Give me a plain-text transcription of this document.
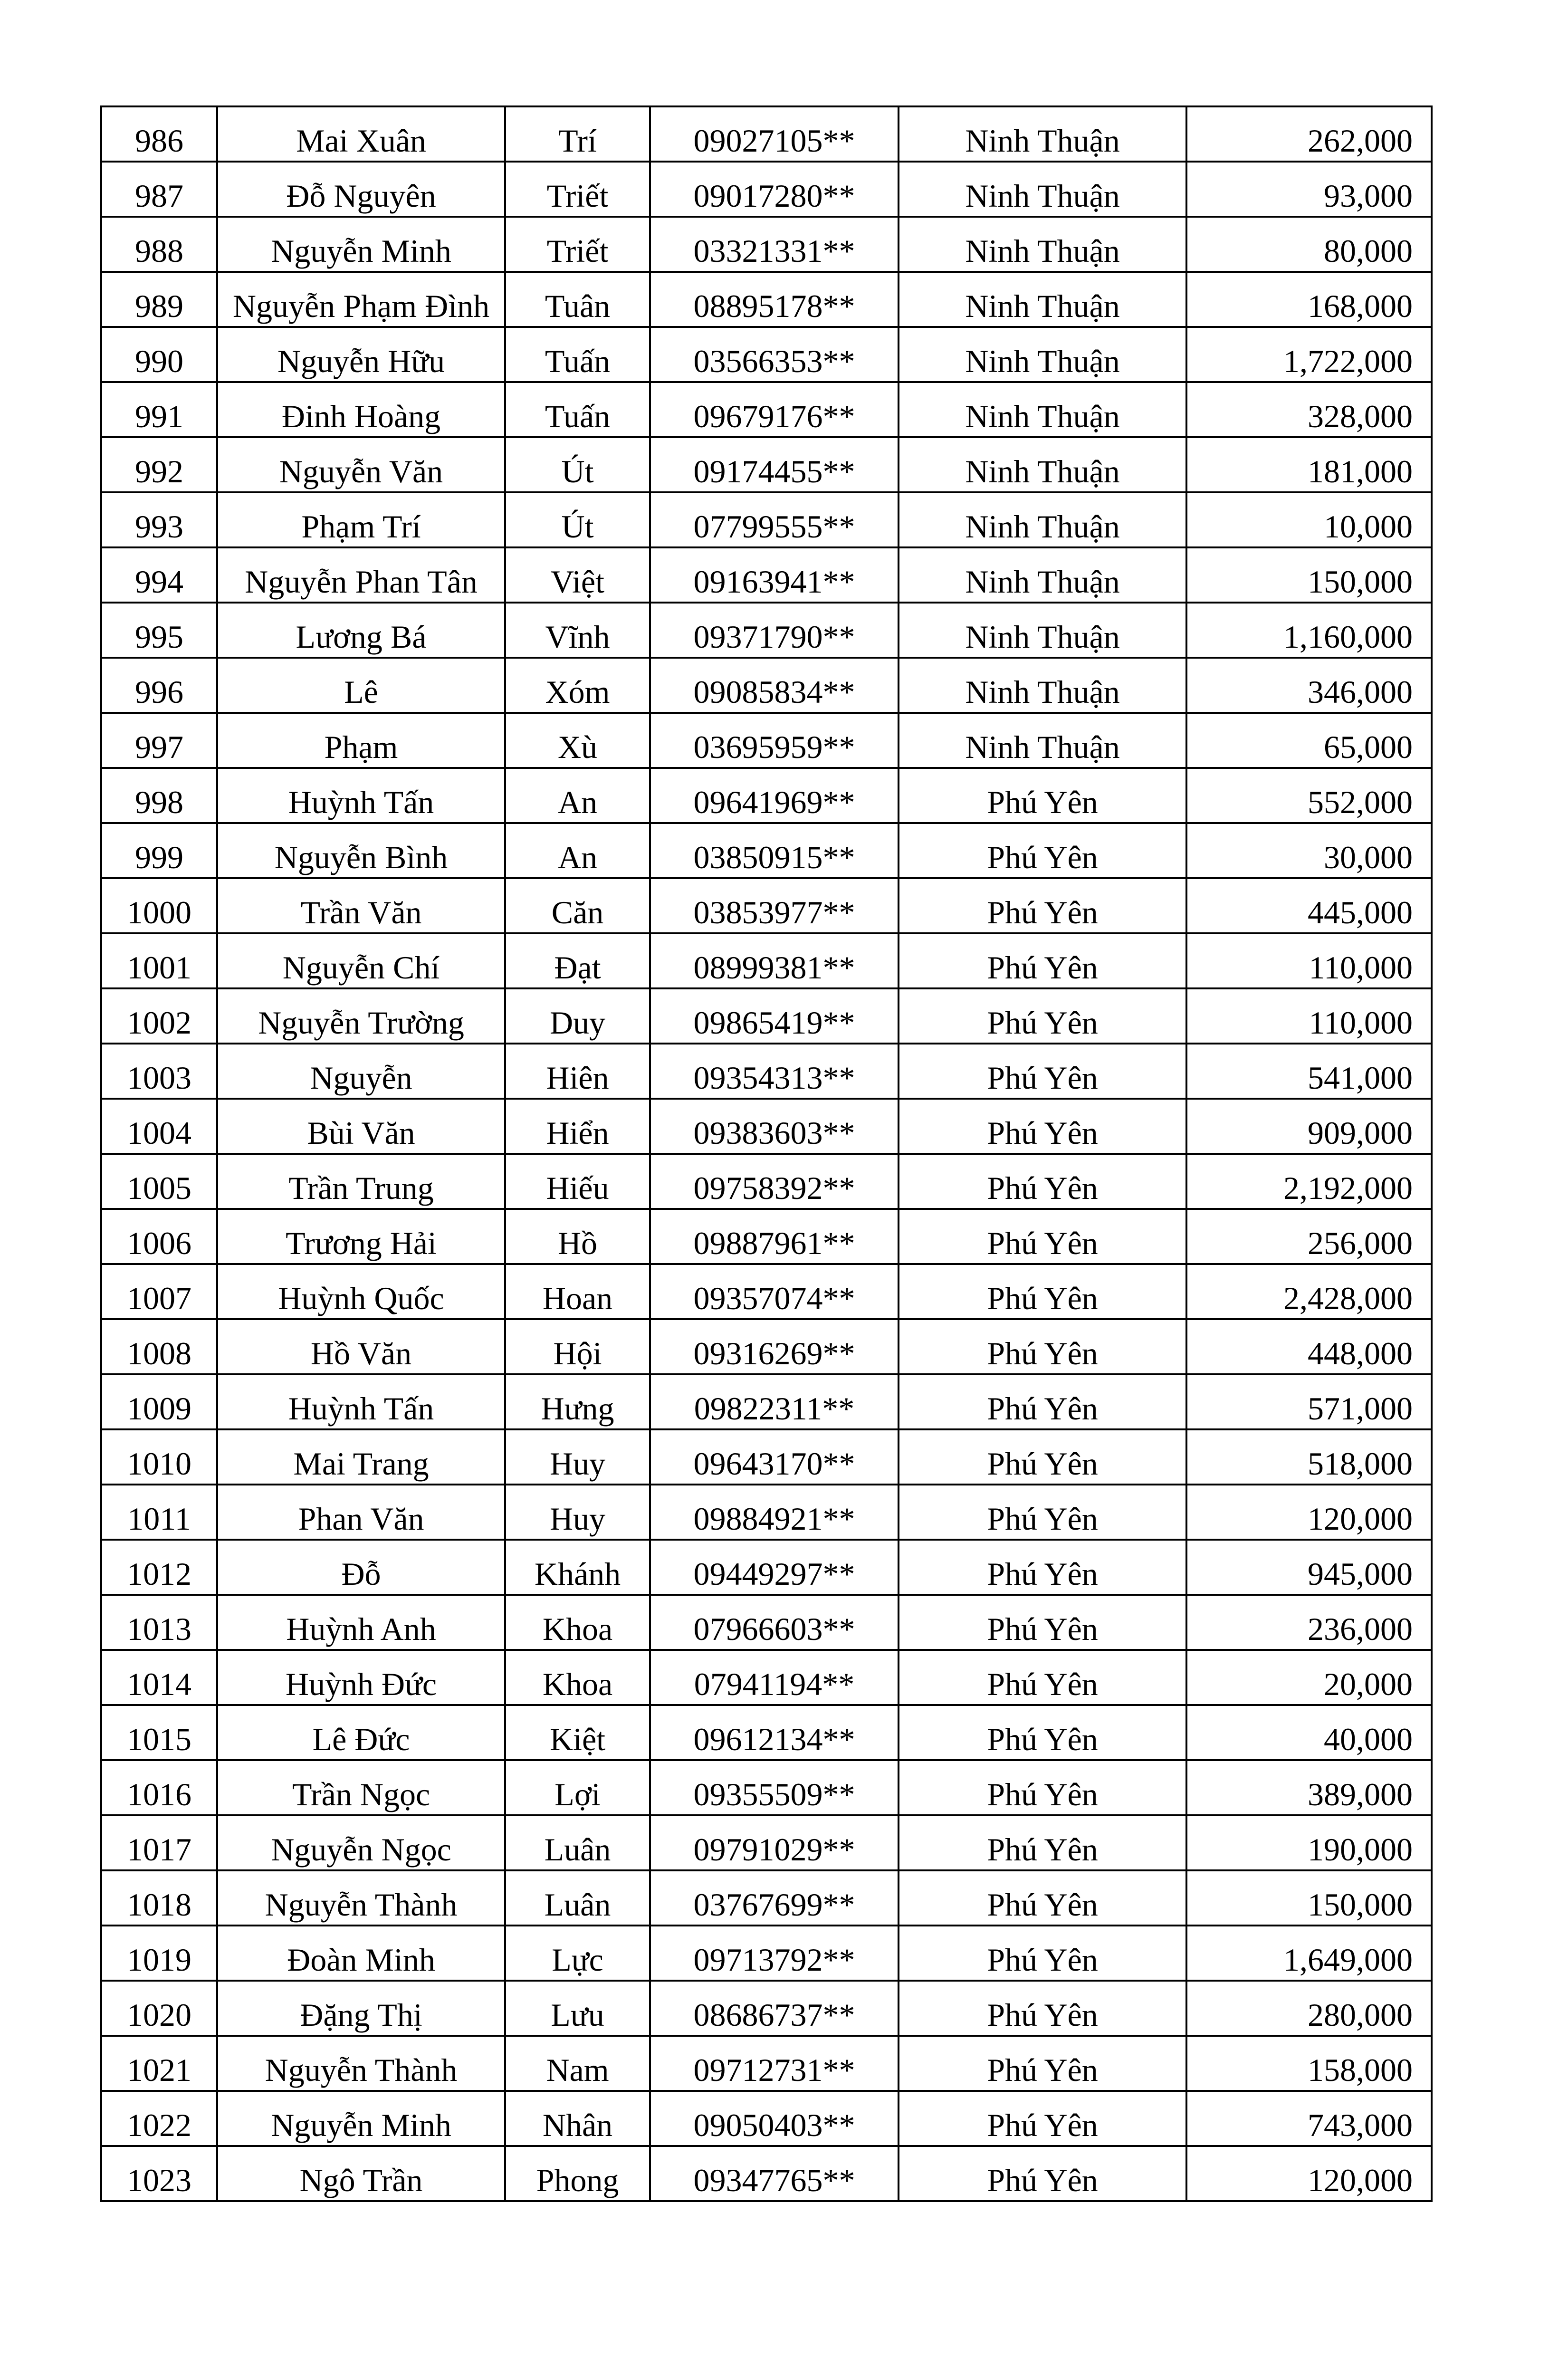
986	Mai Xuân	Trí	09027105**	Ninh Thuận	262,000
987	Đỗ Nguyên	Triết	09017280**	Ninh Thuận	93,000
988	Nguyễn Minh	Triết	03321331**	Ninh Thuận	80,000
989	Nguyễn Phạm Đình	Tuân	08895178**	Ninh Thuận	168,000
990	Nguyễn Hữu	Tuấn	03566353**	Ninh Thuận	1,722,000
991	Đinh Hoàng	Tuấn	09679176**	Ninh Thuận	328,000
992	Nguyễn Văn	Út	09174455**	Ninh Thuận	181,000
993	Phạm Trí	Út	07799555**	Ninh Thuận	10,000
994	Nguyễn Phan Tân	Việt	09163941**	Ninh Thuận	150,000
995	Lương Bá	Vĩnh	09371790**	Ninh Thuận	1,160,000
996	Lê	Xóm	09085834**	Ninh Thuận	346,000
997	Phạm	Xù	03695959**	Ninh Thuận	65,000
998	Huỳnh Tấn	An	09641969**	Phú Yên	552,000
999	Nguyễn Bình	An	03850915**	Phú Yên	30,000
1000	Trần Văn	Căn	03853977**	Phú Yên	445,000
1001	Nguyễn Chí	Đạt	08999381**	Phú Yên	110,000
1002	Nguyễn Trường	Duy	09865419**	Phú Yên	110,000
1003	Nguyễn	Hiên	09354313**	Phú Yên	541,000
1004	Bùi Văn	Hiển	09383603**	Phú Yên	909,000
1005	Trần Trung	Hiếu	09758392**	Phú Yên	2,192,000
1006	Trương Hải	Hồ	09887961**	Phú Yên	256,000
1007	Huỳnh Quốc	Hoan	09357074**	Phú Yên	2,428,000
1008	Hồ Văn	Hội	09316269**	Phú Yên	448,000
1009	Huỳnh Tấn	Hưng	09822311**	Phú Yên	571,000
1010	Mai Trang	Huy	09643170**	Phú Yên	518,000
1011	Phan Văn	Huy	09884921**	Phú Yên	120,000
1012	Đỗ	Khánh	09449297**	Phú Yên	945,000
1013	Huỳnh Anh	Khoa	07966603**	Phú Yên	236,000
1014	Huỳnh Đức	Khoa	07941194**	Phú Yên	20,000
1015	Lê Đức	Kiệt	09612134**	Phú Yên	40,000
1016	Trần Ngọc	Lợi	09355509**	Phú Yên	389,000
1017	Nguyễn Ngọc	Luân	09791029**	Phú Yên	190,000
1018	Nguyễn Thành	Luân	03767699**	Phú Yên	150,000
1019	Đoàn Minh	Lực	09713792**	Phú Yên	1,649,000
1020	Đặng Thị	Lưu	08686737**	Phú Yên	280,000
1021	Nguyễn Thành	Nam	09712731**	Phú Yên	158,000
1022	Nguyễn Minh	Nhân	09050403**	Phú Yên	743,000
1023	Ngô Trần	Phong	09347765**	Phú Yên	120,000
